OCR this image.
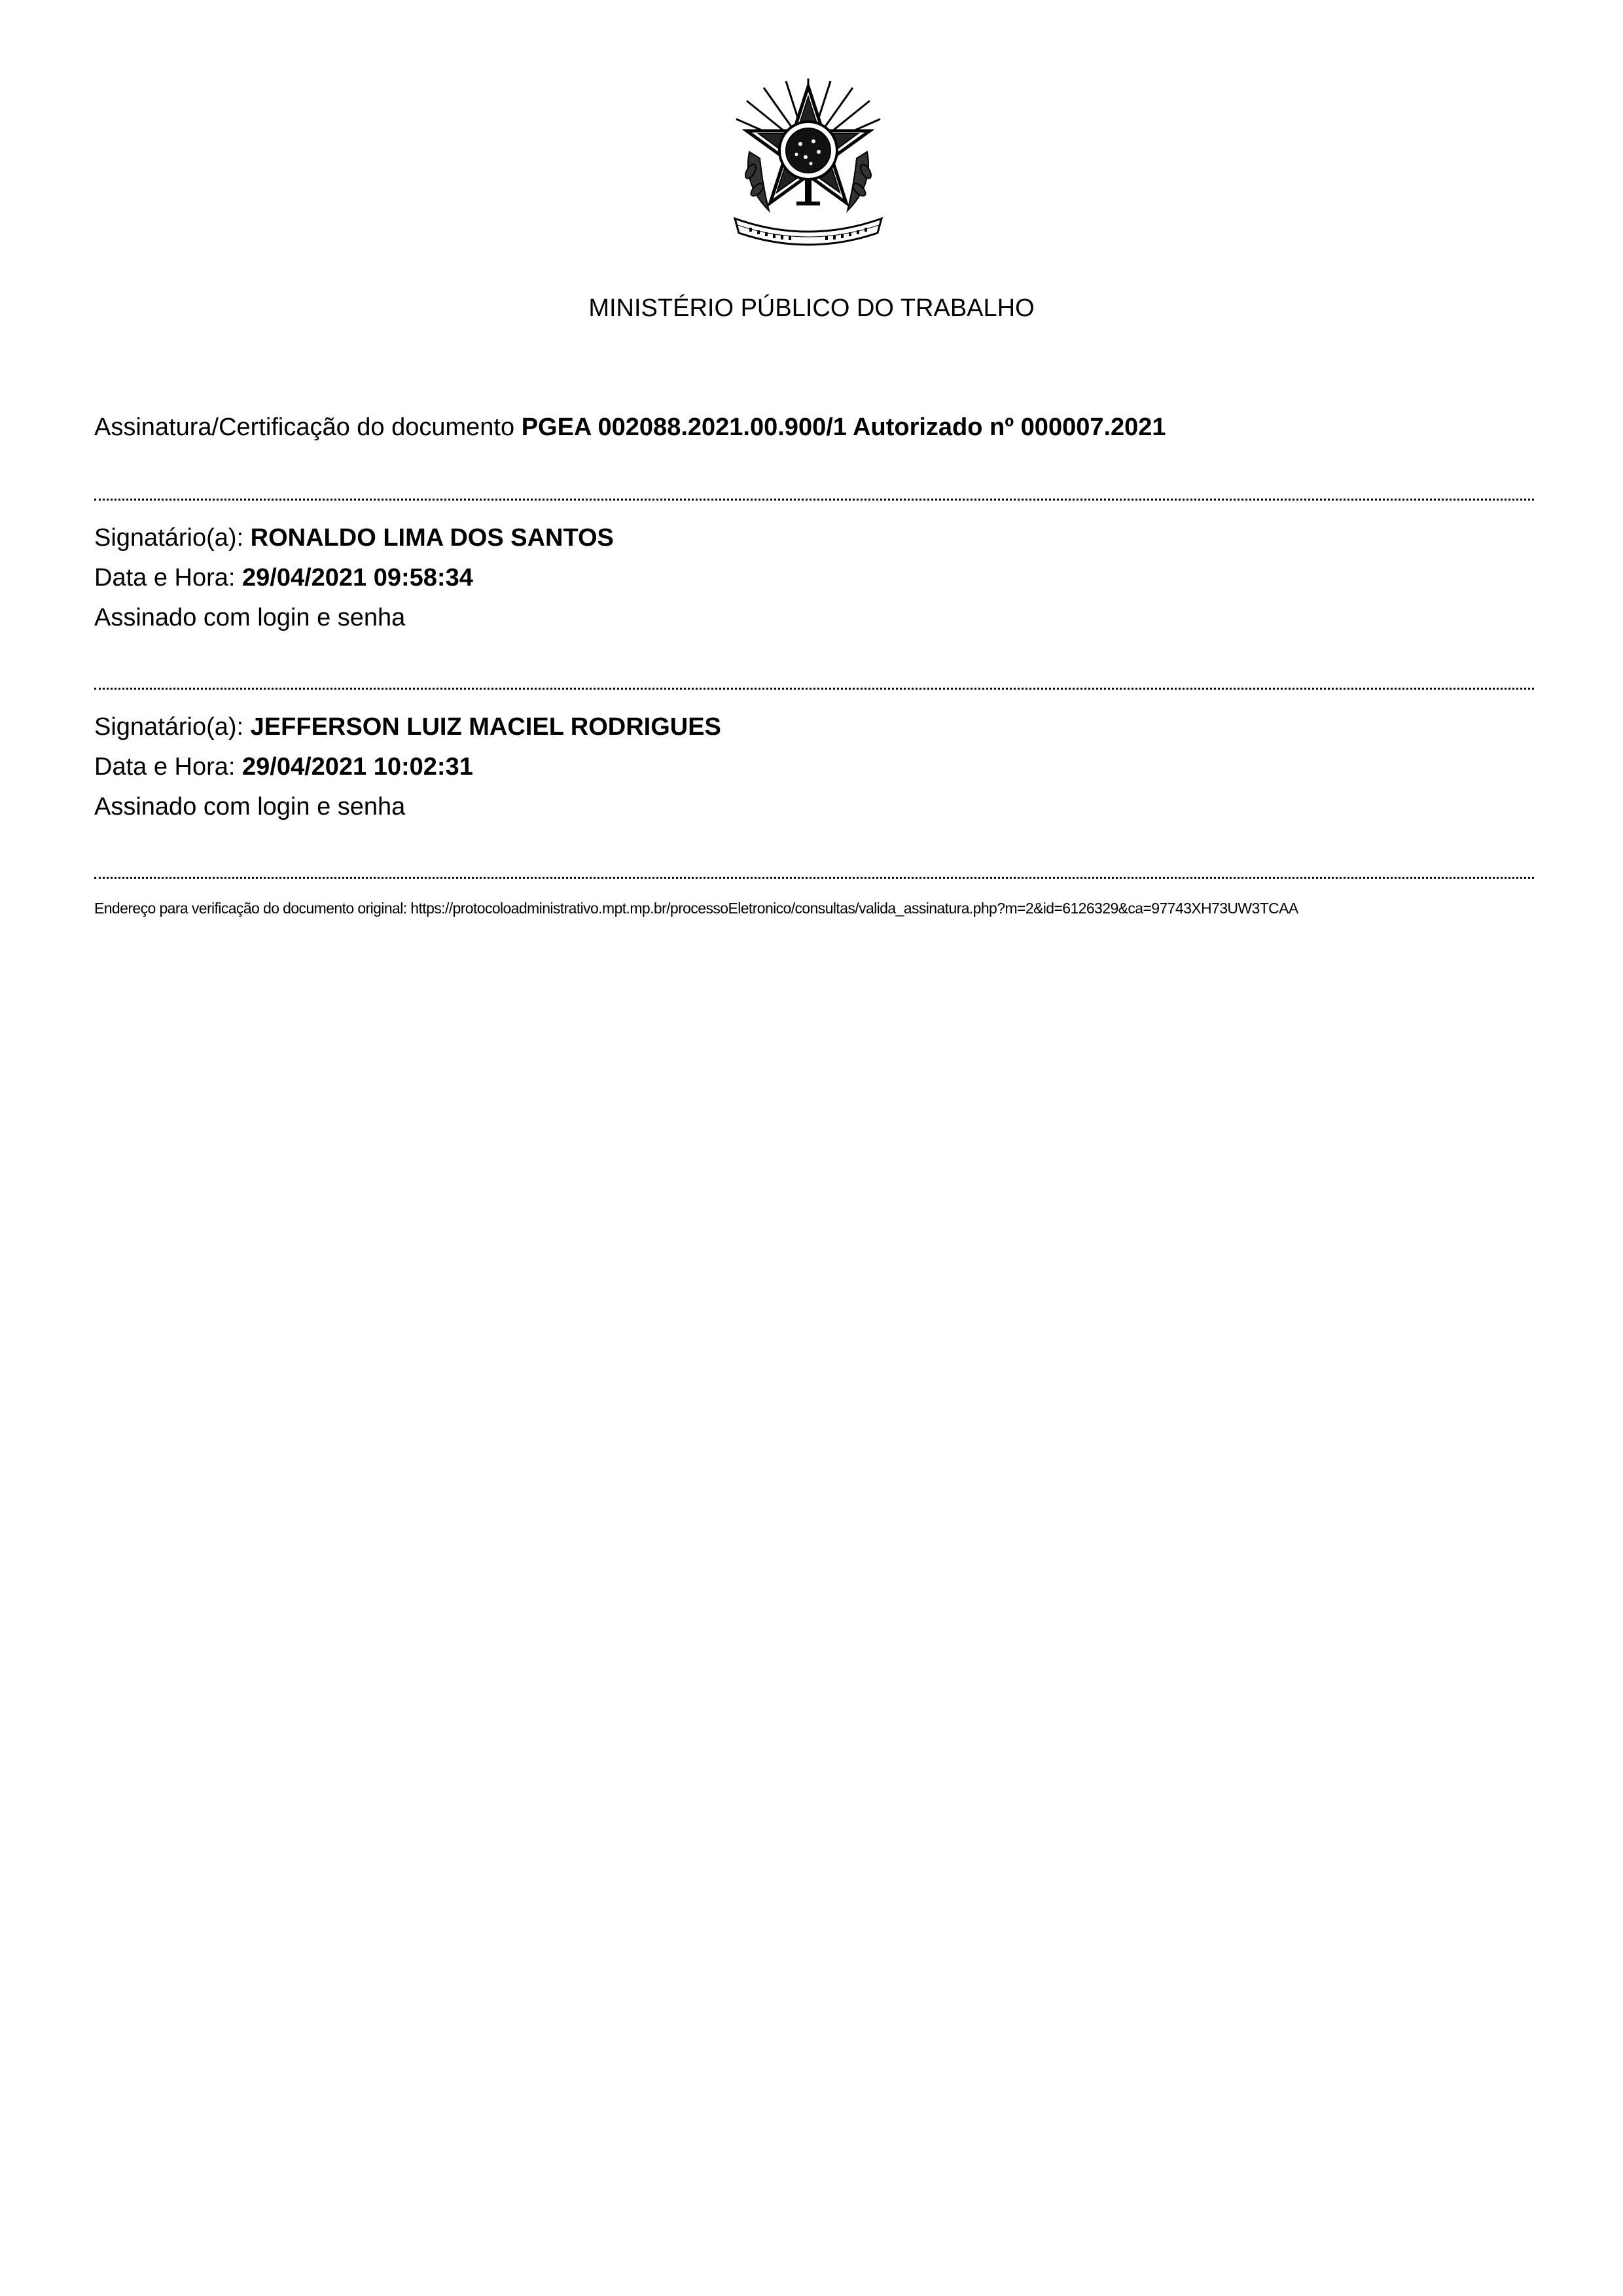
MINISTÉRIO PÚBLICO DO TRABALHO
Assinatura/Certificação do documento PGEA 002088.2021.00.900/1 Autorizado nº 000007.2021
Signatário(a): RONALDO LIMA DOS SANTOS
Data e Hora: 29/04/2021 09:58:34
Assinado com login e senha
Signatário(a): JEFFERSON LUIZ MACIEL RODRIGUES
Data e Hora: 29/04/2021 10:02:31
Assinado com login e senha
Endereço para verificação do documento original: https://protocoloadministrativo.mpt.mp.br/processoEletronico/consultas/valida_assinatura.php?m=2&id=6126329&ca=97743XH73UW3TCAA
